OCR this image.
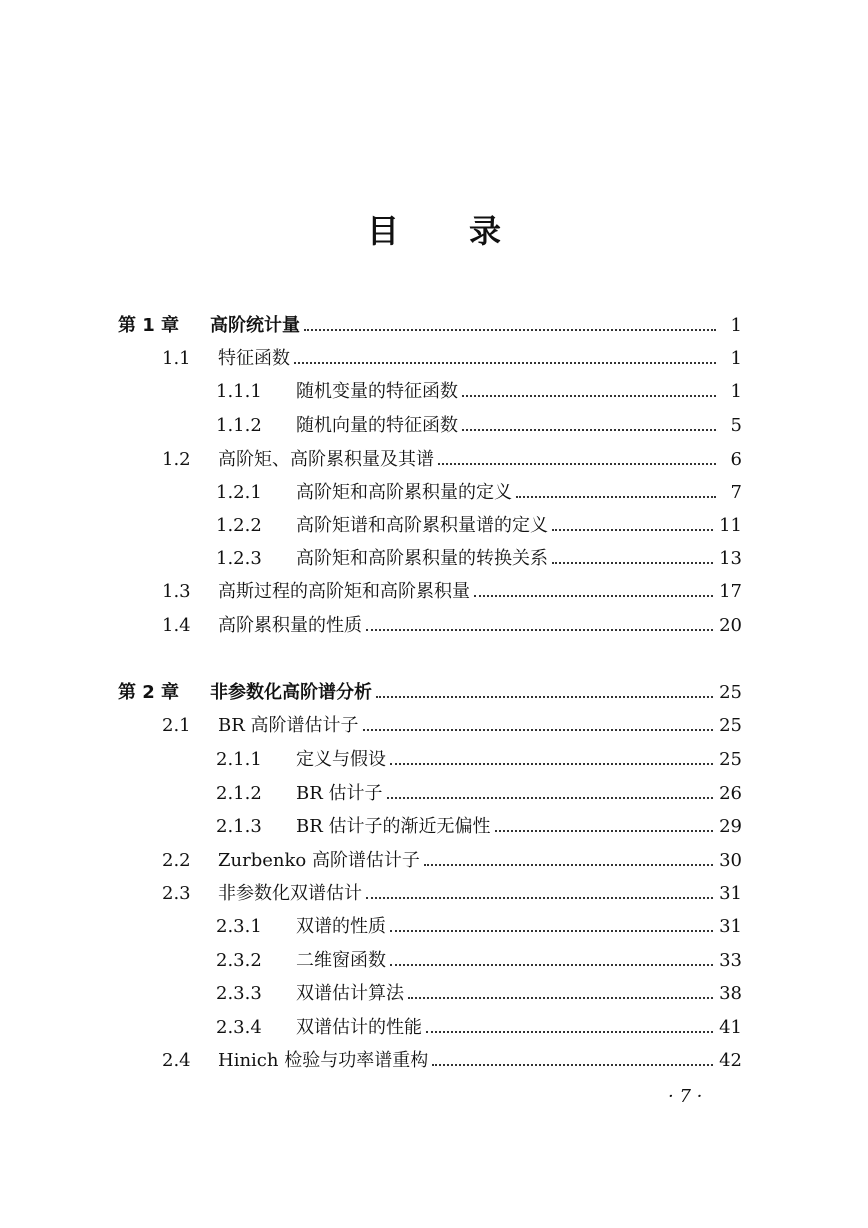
目录
第 1 章	高阶统计量	1
1.1	特征函数	1
1.1.1	随机变量的特征函数	1
1.1.2	随机向量的特征函数	5
1.2	高阶矩、高阶累积量及其谱	6
1.2.1	高阶矩和高阶累积量的定义	7
1.2.2	高阶矩谱和高阶累积量谱的定义	11
1.2.3	高阶矩和高阶累积量的转换关系	13
1.3	高斯过程的高阶矩和高阶累积量	17
1.4	高阶累积量的性质	20
第 2 章	非参数化高阶谱分析	25
2.1	BR 高阶谱估计子	25
2.1.1	定义与假设	25
2.1.2	BR 估计子	26
2.1.3	BR 估计子的渐近无偏性	29
2.2	Zurbenko 高阶谱估计子	30
2.3	非参数化双谱估计	31
2.3.1	双谱的性质	31
2.3.2	二维窗函数	33
2.3.3	双谱估计算法	38
2.3.4	双谱估计的性能	41
2.4	Hinich 检验与功率谱重构	42
· 7 ·
